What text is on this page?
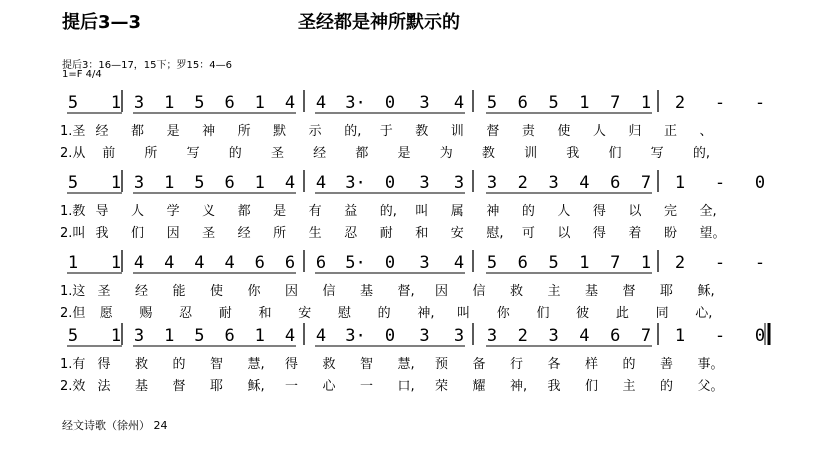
提后3—3	圣经都是神所默示的
提后3：16—17，15下；罗15：4—6
1=F 4/4
5 1 3 1 5 6 1 4 4 3· 0 3 4 5 6 5 1 7 1 2 - -
1.圣 经 都 是 神 所 默 示 的, 于 教 训 督 责 使 人 归 正 、
2.从 前 所 写 的 圣 经 都 是 为 教 训 我 们 写 的,
5 1 3 1 5 6 1 4 4 3· 0 3 3 3 2 3 4 6 7 1 - 0
1.教 导 人 学 义 都 是 有 益 的, 叫 属 神 的 人 得 以 完 全,
2.叫 我 们 因 圣 经 所 生 忍 耐 和 安 慰, 可 以 得 着 盼 望。
1 1 4 4 4 4 6 6 6 5· 0 3 4 5 6 5 1 7 1 2 - -
1.这 圣 经 能 使 你 因 信 基 督, 因 信 救 主 基 督 耶 稣,
2.但 愿 赐 忍 耐 和 安 慰 的 神, 叫 你 们 彼 此 同 心,
5 1 3 1 5 6 1 4 4 3· 0 3 3 3 2 3 4 6 7 1 - 0
1.有 得 救 的 智 慧, 得 救 智 慧, 预 备 行 各 样 的 善 事。
2.效 法 基 督 耶 稣, 一 心 一 口, 荣 耀 神, 我 们 主 的 父。
经文诗歌（徐州） 24
